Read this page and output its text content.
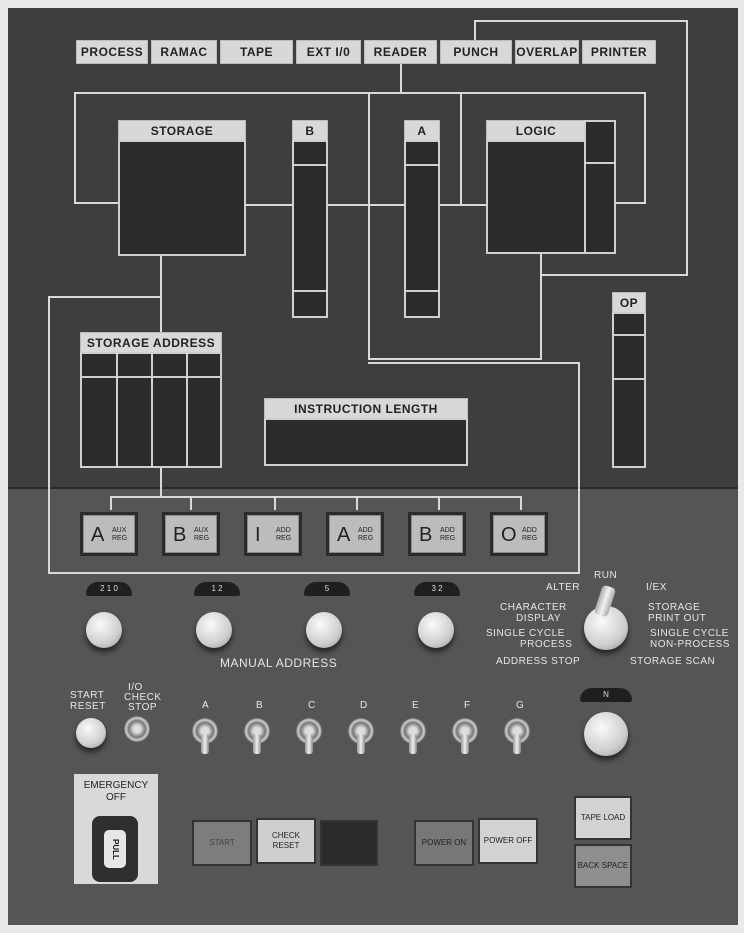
PROCESS	RAMAC	TAPE	EXT I/0	READER	PUNCH	OVERLAP	PRINTER
STORAGE	B	A	LOGIC
OP
STORAGE ADDRESS
INSTRUCTION LENGTH
A AUX REG	B AUX REG	I ADD REG	A ADD REG	B ADD REG	O ADD REG
2 1 0	1 2	5	3 2
MANUAL ADDRESS
RUN
ALTER	I/EX
CHARACTER
DISPLAY
STORAGE
PRINT OUT
SINGLE CYCLE
PROCESS
SINGLE CYCLE
NON-PROCESS
ADDRESS STOP	STORAGE SCAN
START
RESET
I/O
CHECK
STOP	A	B	C	D	E	F	G
N
EMERGENCY
OFF
PULL	START
CHECK RESET	POWER ON	POWER OFF
TAPE LOAD
BACK SPACE
